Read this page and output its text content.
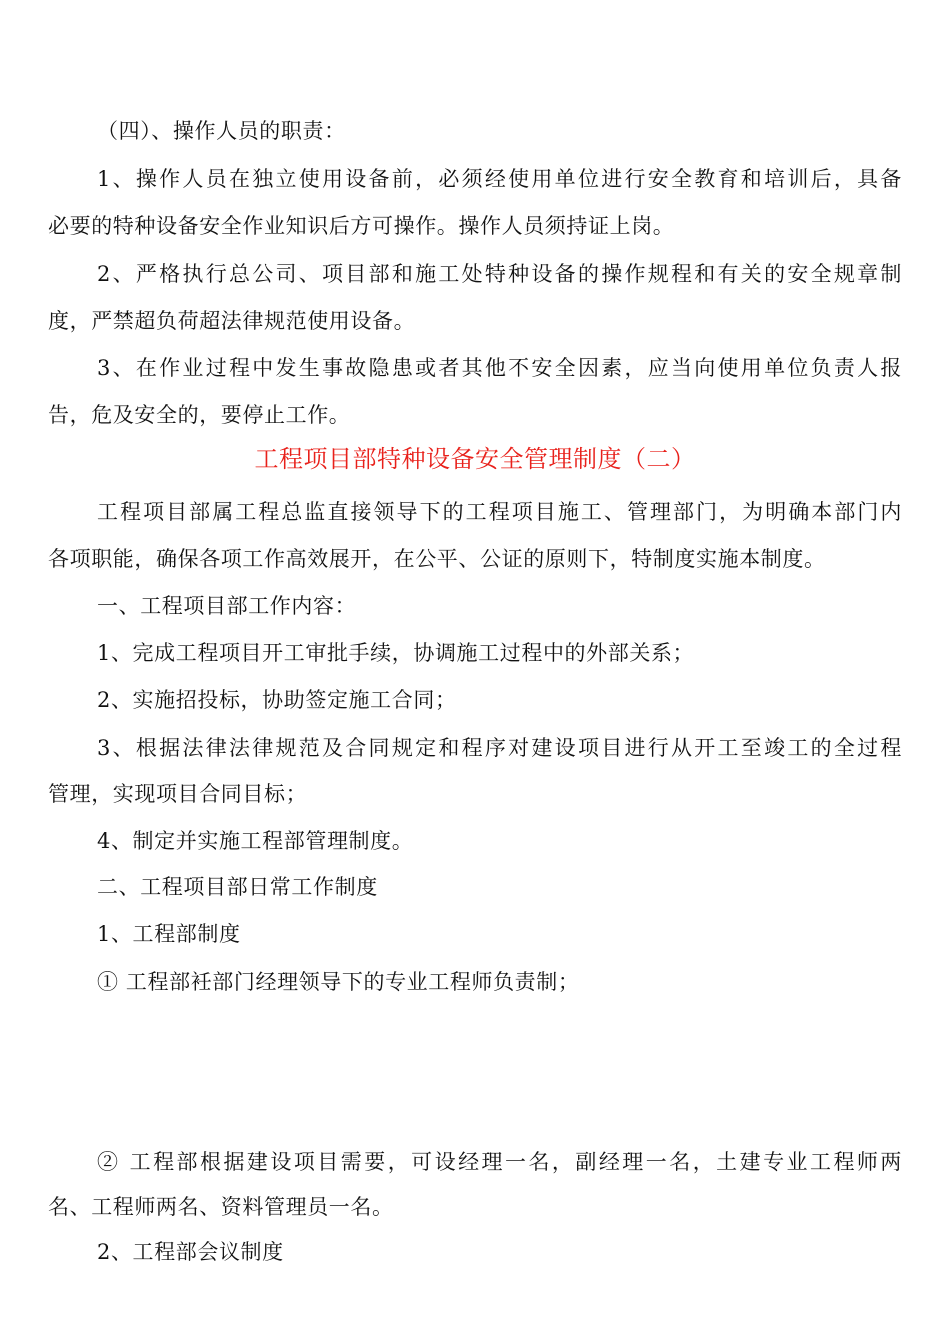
（四）、操作人员的职责：
1、操作人员在独立使用设备前，必须经使用单位进行安全教育和培训后，具备
必要的特种设备安全作业知识后方可操作。操作人员须持证上岗。
2、严格执行总公司、项目部和施工处特种设备的操作规程和有关的安全规章制
度，严禁超负荷超法律规范使用设备。
3、在作业过程中发生事故隐患或者其他不安全因素，应当向使用单位负责人报
告，危及安全的，要停止工作。
工程项目部特种设备安全管理制度（二）
工程项目部属工程总监直接领导下的工程项目施工、管理部门，为明确本部门内
各项职能，确保各项工作高效展开，在公平、公证的原则下，特制度实施本制度。
一、工程项目部工作内容：
1、完成工程项目开工审批手续，协调施工过程中的外部关系；
2、实施招投标，协助签定施工合同；
3、根据法律法律规范及合同规定和程序对建设项目进行从开工至竣工的全过程
管理，实现项目合同目标；
4、制定并实施工程部管理制度。
二、工程项目部日常工作制度
1、工程部制度
① 工程部衽部门经理领导下的专业工程师负责制；
② 工程部根据建设项目需要，可设经理一名，副经理一名，土建专业工程师两
名、工程师两名、资料管理员一名。
2、工程部会议制度
